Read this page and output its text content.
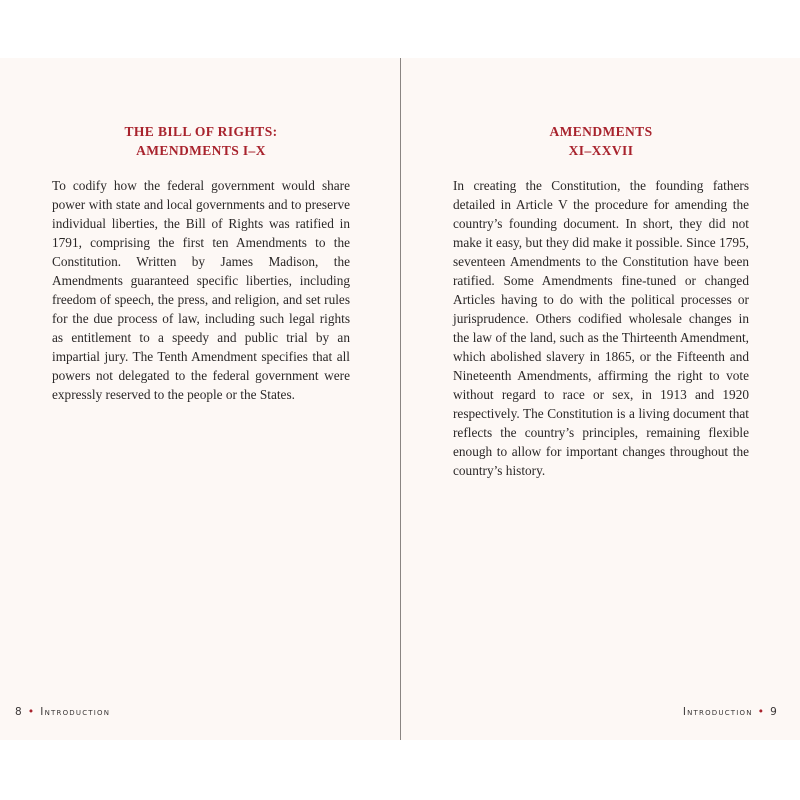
THE BILL OF RIGHTS:
AMENDMENTS I–X

To codify how the federal government would share power with state and local governments and to preserve individual liberties, the Bill of Rights was ratified in 1791, comprising the first ten Amendments to the Constitution. Written by James Madison, the Amendments guaranteed specific liberties, including freedom of speech, the press, and religion, and set rules for the due process of law, including such legal rights as entitlement to a speedy and public trial by an impartial jury. The Tenth Amendment specifies that all powers not delegated to the federal government were expressly reserved to the people or the States.

8 • Introduction
AMENDMENTS
XI–XXVII

In creating the Constitution, the founding fathers detailed in Article V the procedure for amending the country’s founding document. In short, they did not make it easy, but they did make it possible. Since 1795, seventeen Amendments to the Constitution have been ratified. Some Amendments fine-tuned or changed Articles having to do with the political processes or jurisprudence. Others codified wholesale changes in the law of the land, such as the Thirteenth Amendment, which abolished slavery in 1865, or the Fifteenth and Nineteenth Amendments, affirming the right to vote without regard to race or sex, in 1913 and 1920 respectively. The Constitution is a living document that reflects the country’s principles, remaining flexible enough to allow for important changes throughout the country’s history.

Introduction • 9
